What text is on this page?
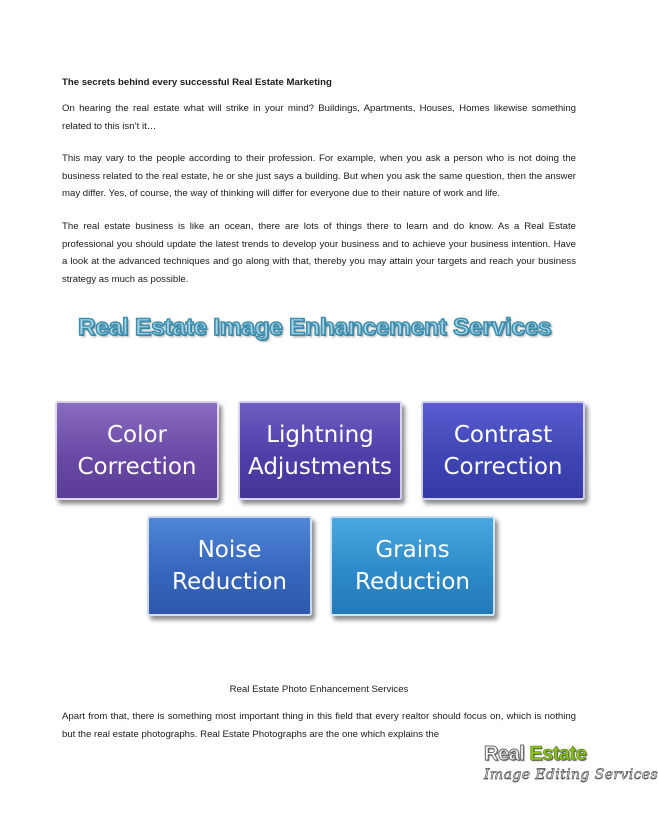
The secrets behind every successful Real Estate Marketing

On hearing the real estate what will strike in your mind? Buildings, Apartments, Houses, Homes likewise something related to this isn’t it…

This may vary to the people according to their profession. For example, when you ask a person who is not doing the business related to the real estate, he or she just says a building. But when you ask the same question, then the answer may differ. Yes, of course, the way of thinking will differ for everyone due to their nature of work and life.

The real estate business is like an ocean, there are lots of things there to learn and do know. As a Real Estate professional you should update the latest trends to develop your business and to achieve your business intention. Have a look at the advanced techniques and go along with that, thereby you may attain your targets and reach your business strategy as much as possible.

Real Estate Image Enhancement Services
Color
Correction
Lightning
Adjustments
Contrast
Correction
Noise
Reduction
Grains
Reduction
Real Estate Photo Enhancement Services

Apart from that, there is something most important thing in this field that every realtor should focus on, which is nothing but the real estate photographs. Real Estate Photographs are the one which explains the

Real Estate
Image Editing Services
